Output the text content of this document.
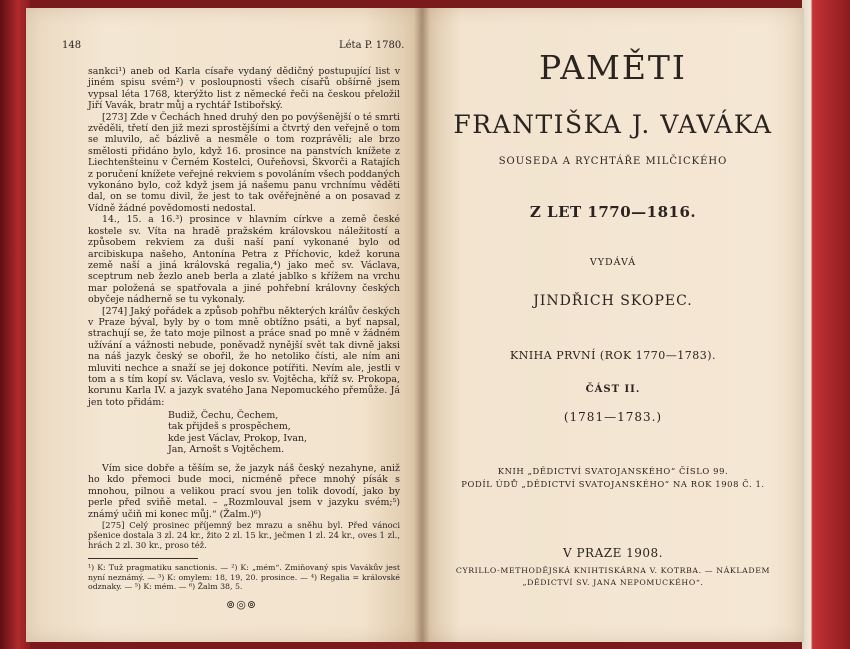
148	Léta P. 1780.

sankci¹) aneb od Karla císaře vydaný dědičný postupující list v jiném spisu svém²) v posloupnosti všech císařů obšírně jsem vypsal léta 1768, kterýžto list z německé řeči na českou přeložil Jiří Vavák, bratr můj a rychtář Istibořský.

[273] Zde v Čechách hned druhý den po povýšenější o té smrti zvěděli, třetí den již mezi sprostějšími a čtvrtý den veřejně o tom se mluvilo, ač bázlivě a nesměle o tom rozprávěli; ale brzo smělosti přidáno bylo, když 16. prosince na panstvích knížete z Liechtenšteinu v Černém Kostelci, Ouřeňovsi, Škvorči a Ratajích z poručení knížete veřejné rekviem s povoláním všech poddaných vykonáno bylo, což když jsem já našemu panu vrchnímu věděti dal, on se tomu divil, že jest to tak ověřejněné a on posavad z Vídně žádné povědomosti nedostal.

14., 15. a 16.³) prosince v hlavním církve a země české kostele sv. Víta na hradě pražském královskou náležitostí a způsobem rekviem za duši naší paní vykonané bylo od arcibiskupa našeho, Antonína Petra z Příchovic, kdež koruna země naší a jiná královská regalia,⁴) jako meč sv. Václava, sceptrum neb žezlo aneb berla a zlaté jablko s křížem na vrchu mar položená se spatřovala a jiné pohřební královny českých obyčeje nádherně se tu vykonaly.

[274] Jaký pořádek a způsob pohřbu některých králův českých v Praze býval, byly by o tom mně obtížno psáti, a byť napsal, strachují se, že tato moje pilnost a práce snad po mně v žádném užívání a vážnosti nebude, poněvadž nynější svět tak divně jaksi na náš jazyk český se obořil, že ho netoliko čísti, ale ním ani mluviti nechce a snaží se jej dokonce potířiti. Nevím ale, jestli v tom a s tím kopí sv. Václava, veslo sv. Vojtěcha, kříž sv. Prokopa, korunu Karla IV. a jazyk svatého Jana Nepomuckého přemůže. Já jen toto přidám:

Budiž, Čechu, Čechem,
tak přijdeš s prospěchem,
kde jest Václav, Prokop, Ivan,
Jan, Arnošt s Vojtěchem.

Vím sice dobře a těším se, že jazyk náš český nezahyne, aniž ho kdo přemoci bude moci, nicméně přece mnohý písák s mnohou, pilnou a velikou prací svou jen tolik dovodí, jako by perle před sviňě metal. – „Rozmlouval jsem v jazyku svém;⁵) známý učiň mi konec můj.“ (Žalm.)⁶)

[275] Celý prosinec příjemný bez mrazu a sněhu byl. Před vánoci pšenice dostala 3 zl. 24 kr., žito 2 zl. 15 kr., ječmen 1 zl. 24 kr., oves 1 zl., hrách 2 zl. 30 kr., proso též.

¹) K: Tuž pragmatiku sanctionis. — ²) K: „mém“. Zmiňovaný spis Vavákův jest nyní neznámý. — ³) K: omylem: 18, 19, 20. prosince. — ⁴) Regalia = královské odznaky. — ⁵) K: mém. — ⁶) Žalm 38, 5.
⊚◎⊚
PAMĚTI
FRANTIŠKA J. VAVÁKA
SOUSEDA A RYCHTÁŘE MILČICKÉHO
Z LET 1770—1816.
VYDÁVÁ
JINDŘICH SKOPEC.
KNIHA PRVNÍ (ROK 1770—1783).
ČÁST II.
(1781—1783.)
KNIH „DĚDICTVÍ SVATOJANSKÉHO“ ČÍSLO 99.
PODÍL ÚDŮ „DĚDICTVÍ SVATOJANSKÉHO“ NA ROK 1908 Č. 1.
V PRAZE 1908.
CYRILLO-METHODĚJSKÁ KNIHTISKÁRNA V. KOTRBA. — NÁKLADEM
„DĚDICTVÍ SV. JANA NEPOMUCKÉHO“.
